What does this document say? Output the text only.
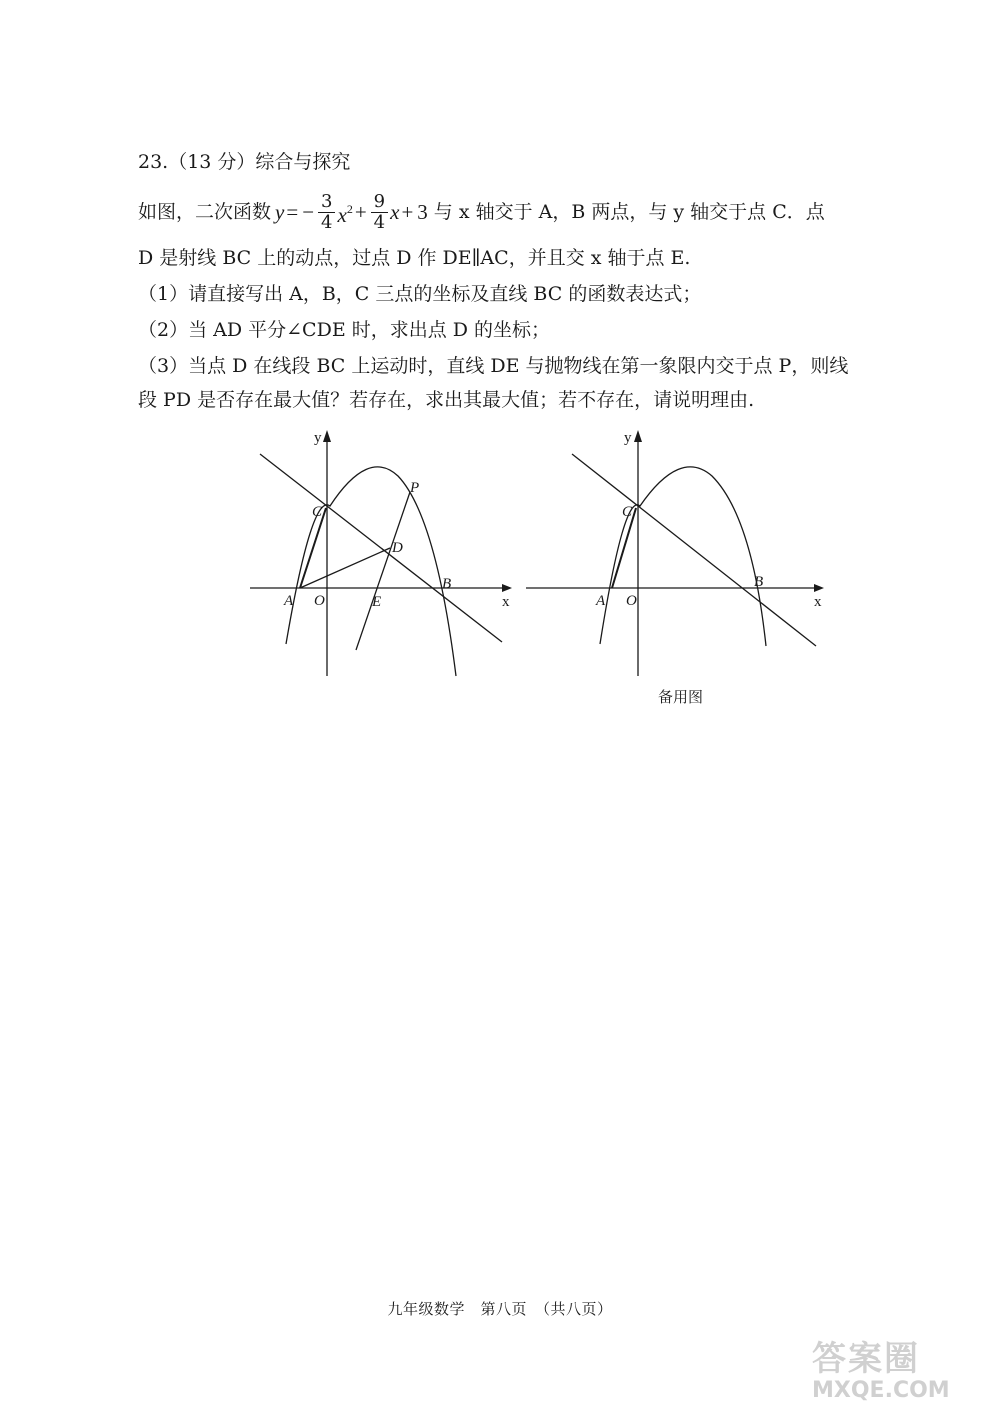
23.（13 分）综合与探究
如图，二次函数 y = − $\frac{3}{4} x^2 + \frac{9}{4}$ x + 3 与 x 轴交于 A，B 两点，与 y 轴交于点 C．点
D 是射线 BC 上的动点，过点 D 作 DE∥AC，并且交 x 轴于点 E.
（1）请直接写出 A，B，C 三点的坐标及直线 BC 的函数表达式；
（2）当 AD 平分∠CDE 时，求出点 D 的坐标；
（3）当点 D 在线段 BC 上运动时，直线 DE 与抛物线在第一象限内交于点 P，则线
段 PD 是否存在最大值？若存在，求出其最大值；若不存在，请说明理由.
y
x
C
P
D
A O	E
B
y
x
C
A O
B
备用图
九年级数学　第八页　（共八页）
答案圈
MXQE.COM
